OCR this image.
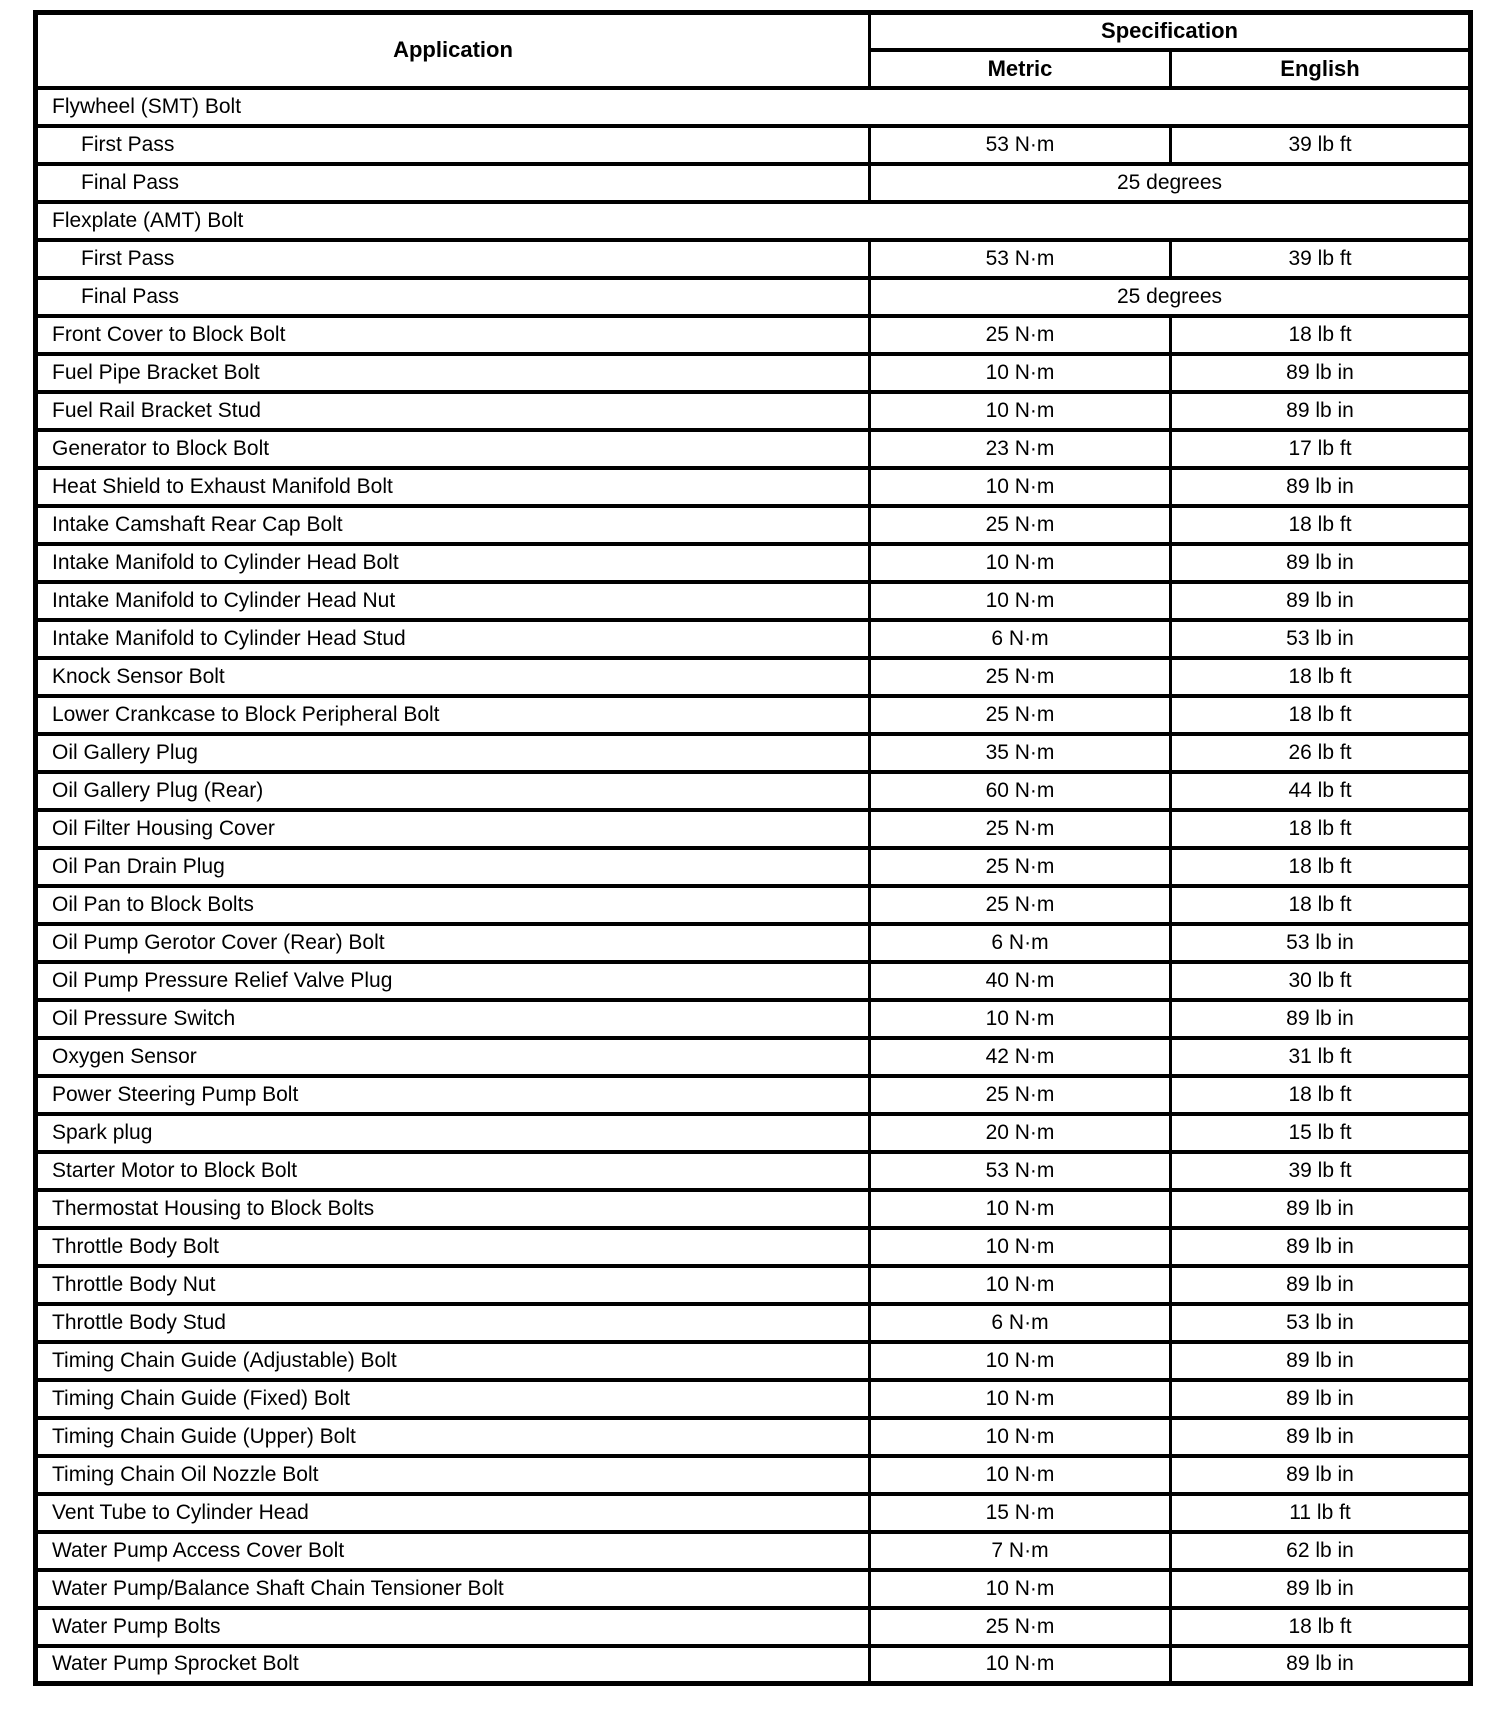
Application	Specification	
	Metric	English
Flywheel (SMT) Bolt		
First Pass	53 N·m	39 lb ft
Final Pass	25 degrees	
Flexplate (AMT) Bolt		
First Pass	53 N·m	39 lb ft
Final Pass	25 degrees	
Front Cover to Block Bolt	25 N·m	18 lb ft
Fuel Pipe Bracket Bolt	10 N·m	89 lb in
Fuel Rail Bracket Stud	10 N·m	89 lb in
Generator to Block Bolt	23 N·m	17 lb ft
Heat Shield to Exhaust Manifold Bolt	10 N·m	89 lb in
Intake Camshaft Rear Cap Bolt	25 N·m	18 lb ft
Intake Manifold to Cylinder Head Bolt	10 N·m	89 lb in
Intake Manifold to Cylinder Head Nut	10 N·m	89 lb in
Intake Manifold to Cylinder Head Stud	6 N·m	53 lb in
Knock Sensor Bolt	25 N·m	18 lb ft
Lower Crankcase to Block Peripheral Bolt	25 N·m	18 lb ft
Oil Gallery Plug	35 N·m	26 lb ft
Oil Gallery Plug (Rear)	60 N·m	44 lb ft
Oil Filter Housing Cover	25 N·m	18 lb ft
Oil Pan Drain Plug	25 N·m	18 lb ft
Oil Pan to Block Bolts	25 N·m	18 lb ft
Oil Pump Gerotor Cover (Rear) Bolt	6 N·m	53 lb in
Oil Pump Pressure Relief Valve Plug	40 N·m	30 lb ft
Oil Pressure Switch	10 N·m	89 lb in
Oxygen Sensor	42 N·m	31 lb ft
Power Steering Pump Bolt	25 N·m	18 lb ft
Spark plug	20 N·m	15 lb ft
Starter Motor to Block Bolt	53 N·m	39 lb ft
Thermostat Housing to Block Bolts	10 N·m	89 lb in
Throttle Body Bolt	10 N·m	89 lb in
Throttle Body Nut	10 N·m	89 lb in
Throttle Body Stud	6 N·m	53 lb in
Timing Chain Guide (Adjustable) Bolt	10 N·m	89 lb in
Timing Chain Guide (Fixed) Bolt	10 N·m	89 lb in
Timing Chain Guide (Upper) Bolt	10 N·m	89 lb in
Timing Chain Oil Nozzle Bolt	10 N·m	89 lb in
Vent Tube to Cylinder Head	15 N·m	11 lb ft
Water Pump Access Cover Bolt	7 N·m	62 lb in
Water Pump/Balance Shaft Chain Tensioner Bolt	10 N·m	89 lb in
Water Pump Bolts	25 N·m	18 lb ft
Water Pump Sprocket Bolt	10 N·m	89 lb in
